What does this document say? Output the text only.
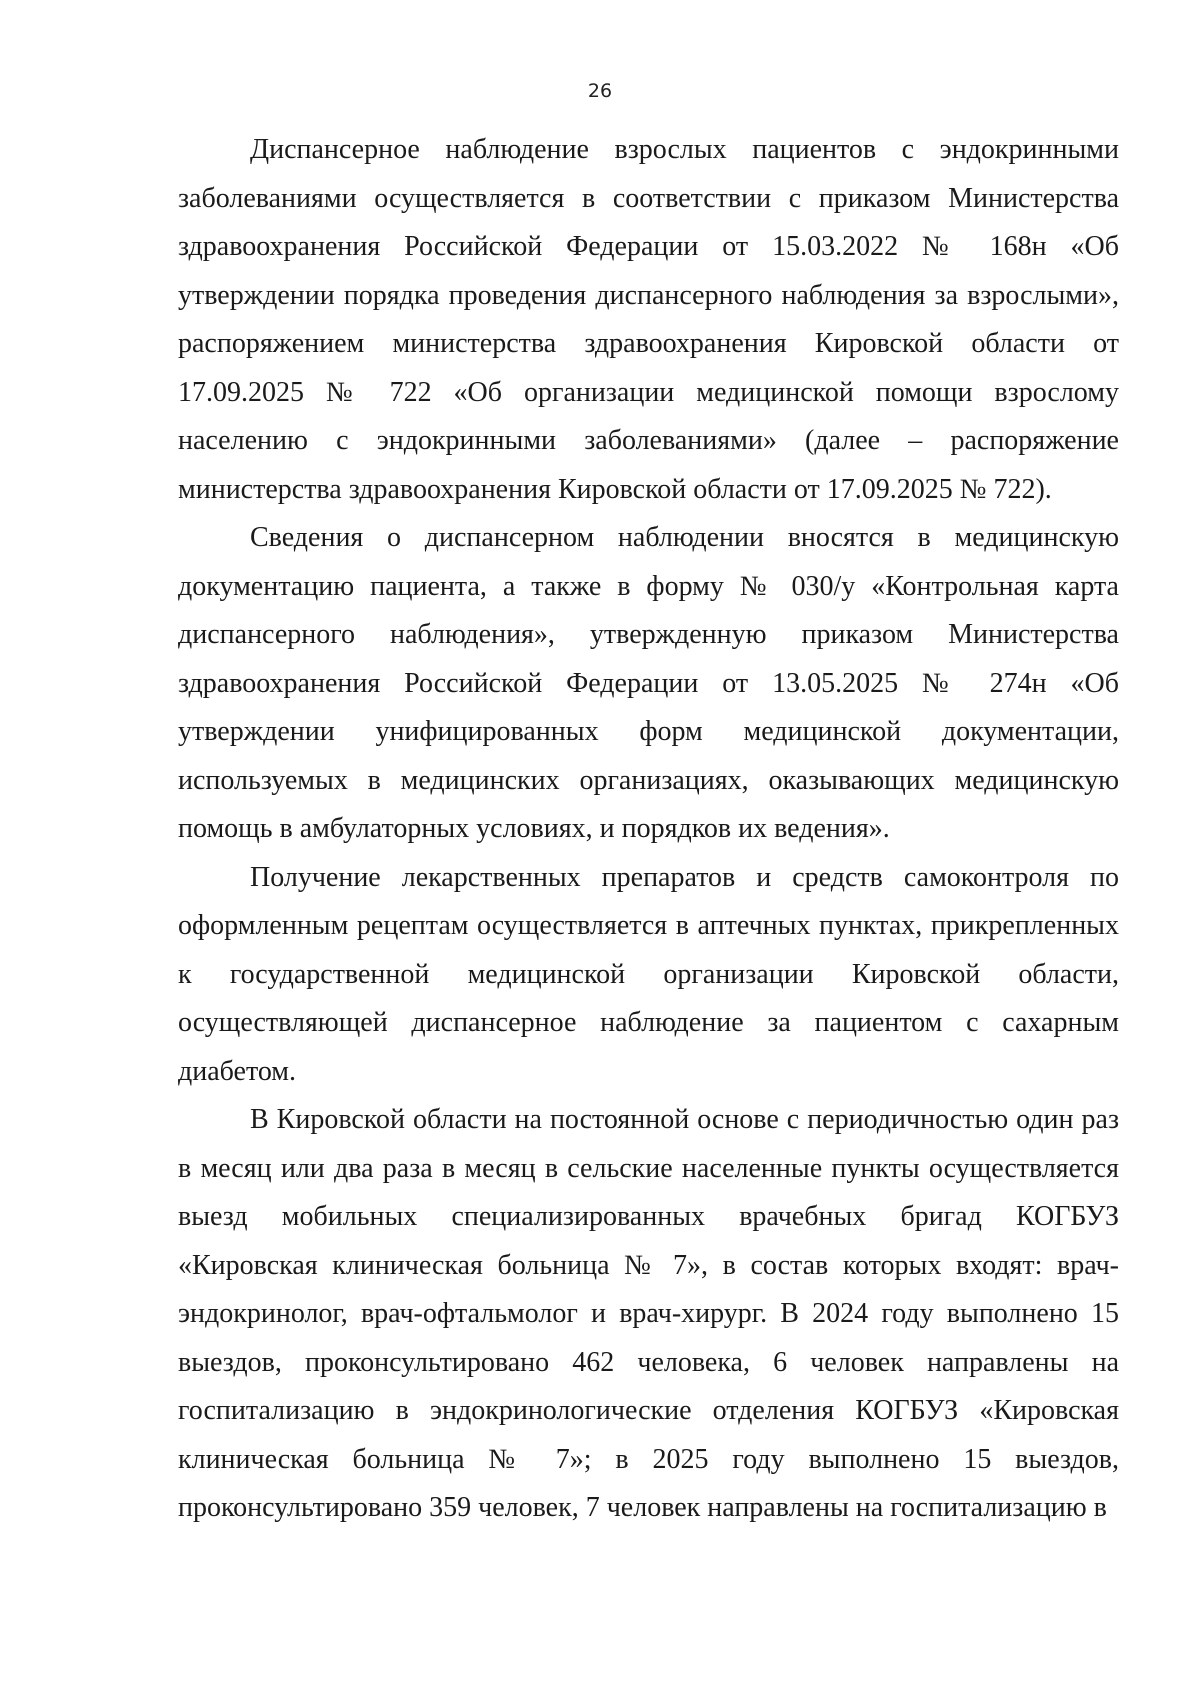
26

Диспансерное наблюдение взрослых пациентов с эндокринными заболеваниями осуществляется в соответствии с приказом Министерства здравоохранения Российской Федерации от 15.03.2022 № 168н «Об утверждении порядка проведения диспансерного наблюдения за взрослыми», распоряжением министерства здравоохранения Кировской области от 17.09.2025 № 722 «Об организации медицинской помощи взрослому населению с эндокринными заболеваниями» (далее – распоряжение министерства здравоохранения Кировской области от 17.09.2025 № 722).

Сведения о диспансерном наблюдении вносятся в медицинскую документацию пациента, а также в форму № 030/у «Контрольная карта диспансерного наблюдения», утвержденную приказом Министерства здравоохранения Российской Федерации от 13.05.2025 № 274н «Об утверждении унифицированных форм медицинской документации, используемых в медицинских организациях, оказывающих медицинскую помощь в амбулаторных условиях, и порядков их ведения».

Получение лекарственных препаратов и средств самоконтроля по оформленным рецептам осуществляется в аптечных пунктах, прикрепленных к государственной медицинской организации Кировской области, осуществляющей диспансерное наблюдение за пациентом с сахарным диабетом.

В Кировской области на постоянной основе с периодичностью один раз в месяц или два раза в месяц в сельские населенные пункты осуществляется выезд мобильных специализированных врачебных бригад КОГБУЗ «Кировская клиническая больница № 7», в состав которых входят: врач-эндокринолог, врач-офтальмолог и врач-хирург. В 2024 году выполнено 15 выездов, проконсультировано 462 человека, 6 человек направлены на госпитализацию в эндокринологические отделения КОГБУЗ «Кировская клиническая больница № 7»; в 2025 году выполнено 15 выездов, проконсультировано 359 человек, 7 человек направлены на госпитализацию в
